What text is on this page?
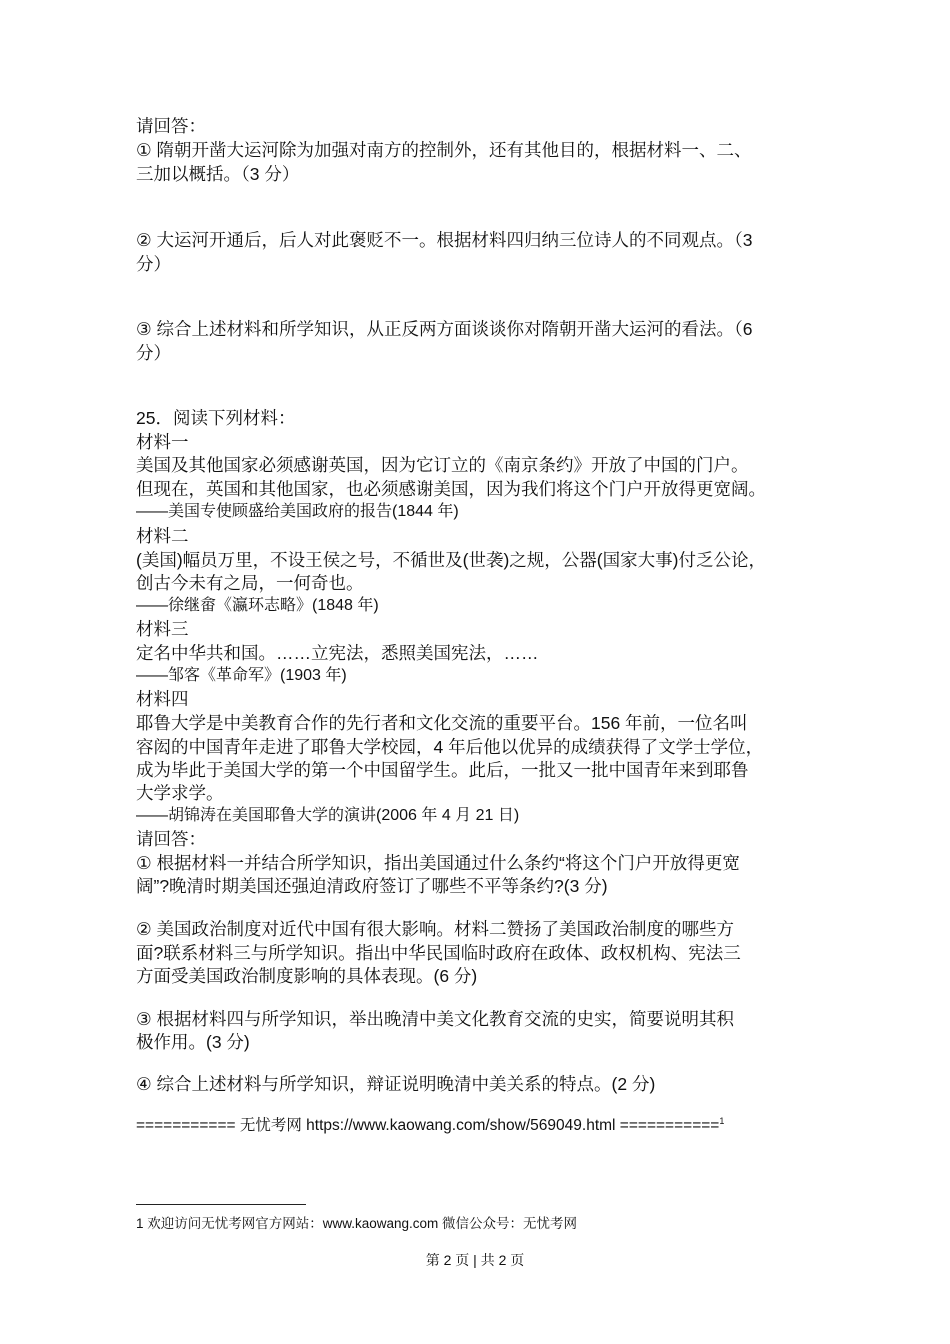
请回答：
① 隋朝开凿大运河除为加强对南方的控制外，还有其他目的，根据材料一、二、
三加以概括。（3 分）
② 大运河开通后，后人对此褒贬不一。根据材料四归纳三位诗人的不同观点。（3
分）
③ 综合上述材料和所学知识，从正反两方面谈谈你对隋朝开凿大运河的看法。（6
分）
25．阅读下列材料：
材料一
美国及其他国家必须感谢英国，因为它订立的《南京条约》开放了中国的门户。
但现在，英国和其他国家，也必须感谢美国，因为我们将这个门户开放得更宽阔。
——美国专使顾盛给美国政府的报告(1844 年)
材料二
(美国)幅员万里，不设王侯之号，不循世及(世袭)之规，公器(国家大事)付乏公论，
创古今未有之局，一何奇也。
——徐继畲《瀛环志略》(1848 年)
材料三
定名中华共和国。……立宪法，悉照美国宪法，……
——邹客《革命军》(1903 年)
材料四
耶鲁大学是中美教育合作的先行者和文化交流的重要平台。156 年前，一位名叫
容闳的中国青年走进了耶鲁大学校园，4 年后他以优异的成绩获得了文学士学位，
成为毕此于美国大学的第一个中国留学生。此后，一批又一批中国青年来到耶鲁
大学求学。
——胡锦涛在美国耶鲁大学的演讲(2006 年 4 月 21 日)
请回答：
① 根据材料一并结合所学知识，指出美国通过什么条约“将这个门户开放得更宽
阔”?晚清时期美国还强迫清政府签订了哪些不平等条约?(3 分)
② 美国政治制度对近代中国有很大影响。材料二赞扬了美国政治制度的哪些方
面?联系材料三与所学知识。指出中华民国临时政府在政体、政权机构、宪法三
方面受美国政治制度影响的具体表现。(6 分)
③ 根据材料四与所学知识，举出晚清中美文化教育交流的史实，简要说明其积
极作用。(3 分)
④ 综合上述材料与所学知识，辩证说明晚清中美关系的特点。(2 分)
=========== 无忧考网 https://www.kaowang.com/show/569049.html ===========$^1$
1 欢迎访问无忧考网官方网站：www.kaowang.com 微信公众号：无忧考网
第 2 页 | 共 2 页
